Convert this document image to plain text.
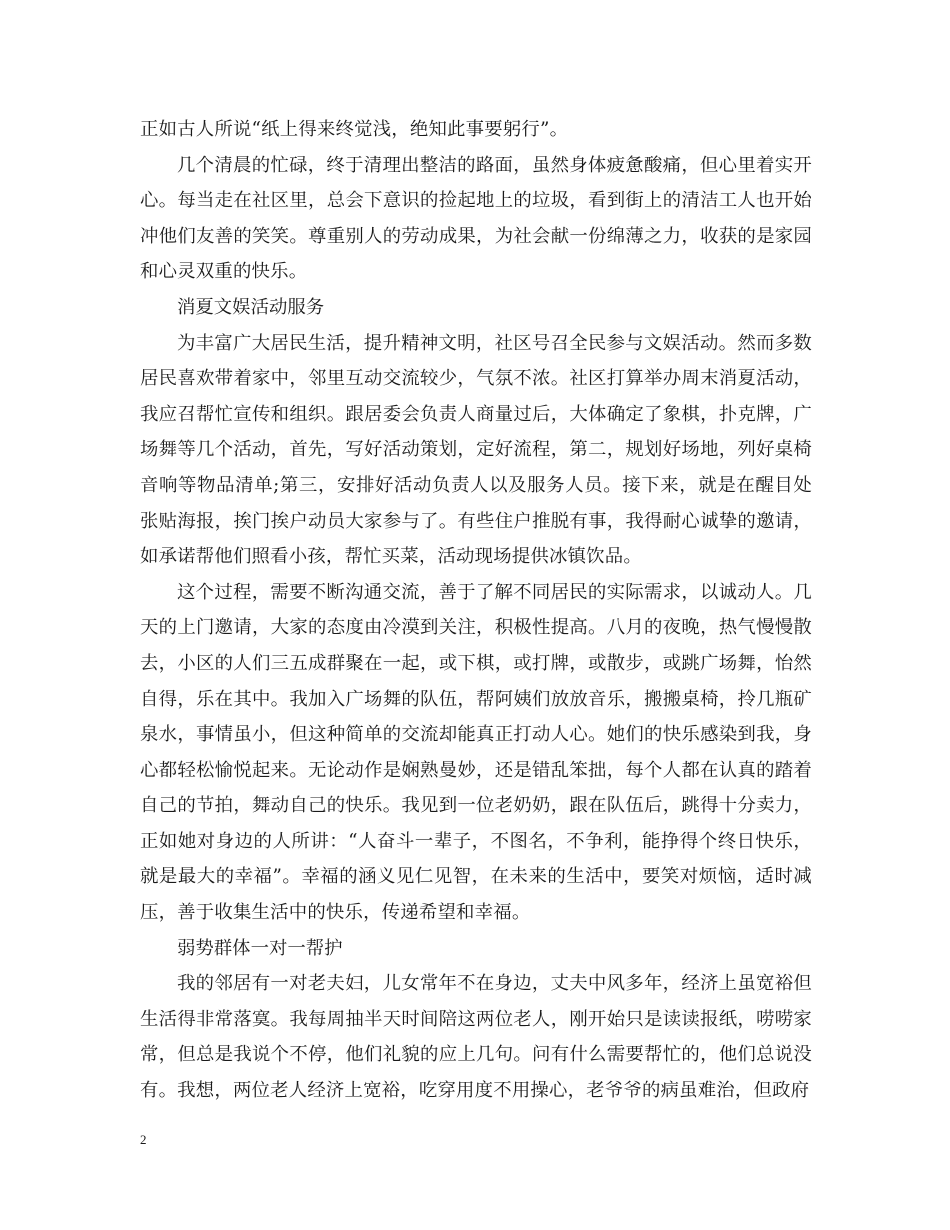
正如古人所说“纸上得来终觉浅，绝知此事要躬行”。

几个清晨的忙碌，终于清理出整洁的路面，虽然身体疲惫酸痛，但心里着实开心。每当走在社区里，总会下意识的捡起地上的垃圾，看到街上的清洁工人也开始冲他们友善的笑笑。尊重别人的劳动成果，为社会献一份绵薄之力，收获的是家园和心灵双重的快乐。

消夏文娱活动服务

为丰富广大居民生活，提升精神文明，社区号召全民参与文娱活动。然而多数居民喜欢带着家中，邻里互动交流较少，气氛不浓。社区打算举办周末消夏活动，我应召帮忙宣传和组织。跟居委会负责人商量过后，大体确定了象棋，扑克牌，广场舞等几个活动，首先，写好活动策划，定好流程，第二，规划好场地，列好桌椅音响等物品清单;第三，安排好活动负责人以及服务人员。接下来，就是在醒目处张贴海报，挨门挨户动员大家参与了。有些住户推脱有事，我得耐心诚挚的邀请，如承诺帮他们照看小孩，帮忙买菜，活动现场提供冰镇饮品。

这个过程，需要不断沟通交流，善于了解不同居民的实际需求，以诚动人。几天的上门邀请，大家的态度由冷漠到关注，积极性提高。八月的夜晚，热气慢慢散去，小区的人们三五成群聚在一起，或下棋，或打牌，或散步，或跳广场舞，怡然自得，乐在其中。我加入广场舞的队伍，帮阿姨们放放音乐，搬搬桌椅，拎几瓶矿泉水，事情虽小，但这种简单的交流却能真正打动人心。她们的快乐感染到我，身心都轻松愉悦起来。无论动作是娴熟曼妙，还是错乱笨拙，每个人都在认真的踏着自己的节拍，舞动自己的快乐。我见到一位老奶奶，跟在队伍后，跳得十分卖力，正如她对身边的人所讲：“人奋斗一辈子，不图名，不争利，能挣得个终日快乐，就是最大的幸福”。幸福的涵义见仁见智，在未来的生活中，要笑对烦恼，适时减压，善于收集生活中的快乐，传递希望和幸福。

弱势群体一对一帮护

我的邻居有一对老夫妇，儿女常年不在身边，丈夫中风多年，经济上虽宽裕但生活得非常落寞。我每周抽半天时间陪这两位老人，刚开始只是读读报纸，唠唠家常，但总是我说个不停，他们礼貌的应上几句。问有什么需要帮忙的，他们总说没有。我想，两位老人经济上宽裕，吃穿用度不用操心，老爷爷的病虽难治，但政府

2
